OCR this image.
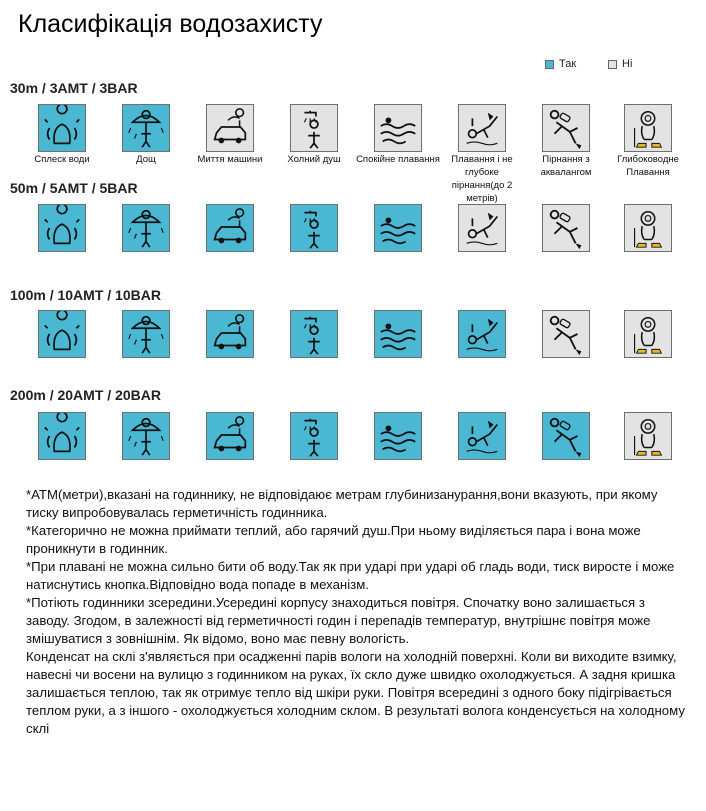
Класифікація водозахисту
Так	Ні
30m / 3AMT / 3BAR
50m / 5AMT / 5BAR
100m / 10AMT / 10BAR
200m / 20AMT / 20BAR
Сплеск води	Дощ	Миття машини	Холний душ	Спокійне плавання	Плавання і не глубоке пірнання(до 2 метрів)
Пірнання з аквалангом
Глибоководне Плавання

*АТМ(метри),вказані на годиннику, не відповідаює метрам глубинизанурання,вони вказують, при якому тиску випробовувалась герметичність годинника.

*Категорично не можна приймати теплий, або гарячий душ.При ньому виділяється пара і вона може проникнути в годинник.

*При плавані не можна сильно бити об воду.Так як при ударі при ударі об гладь води, тиск виросте і може натиснутись кнопка.Відповідно вода попаде в механізм.

*Потіють годинники зсередини.Усередині корпусу знаходиться повітря. Спочатку воно залишається з заводу. Згодом, в залежності від герметичності годин і перепадів температур, внутрішнє повітря може змішуватися з зовнішнім. Як відомо, воно має певну вологість.

Конденсат на склі з'являється при осадженні парів вологи на холодній поверхні. Коли ви виходите взимку, навесні чи восени на вулицю з годинником на руках, їх скло дуже швидко охолоджується. А задня кришка залишається теплою, так як отримує тепло від шкіри руки. Повітря всередині з одного боку підігрівається теплом руки, а з іншого - охолоджується холодним склом. В результаті волога конденсується на холодному склі
